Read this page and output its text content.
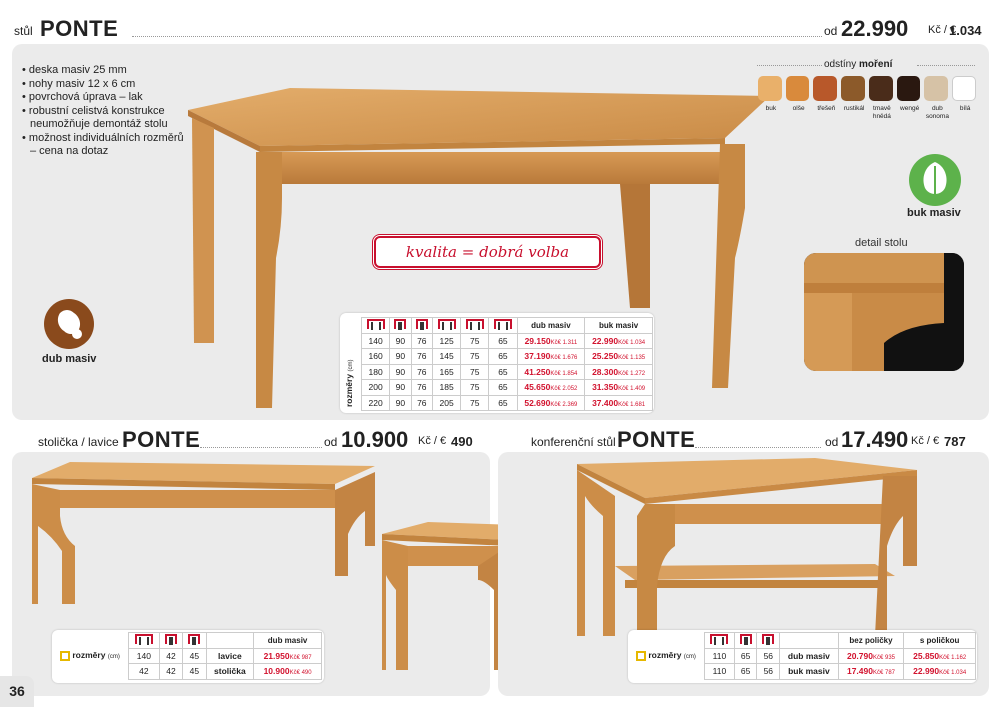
stůl PONTE	od 22.990 Kč / €
1.034
• deska masiv 25 mm
• nohy masiv 12 x 6 cm
• povrchová úprava – lak
• robustní celistvá konstrukce neumožňuje demontáž stolu
• možnost individuálních rozměrů – cena na dotaz
kvalita = dobrá volba
odstíny moření
buk	olše	třešeň	rustikál	tmavě hnědá
wengé	dub sonoma
bílá
buk masiv
detail stolu
dub masiv
rozměry (cm)
						dub masiv	buk masiv
140	90	76	125	75	65	29.150Kč€ 1.311	22.990Kč€ 1.034
160	90	76	145	75	65	37.190Kč€ 1.676	25.250Kč€ 1.135
180	90	76	165	75	65	41.250Kč€ 1.854	28.300Kč€ 1.272
200	90	76	185	75	65	45.650Kč€ 2.052	31.350Kč€ 1.409
220	90	76	205	75	65	52.690Kč€ 2.369	37.400Kč€ 1.681
stolička / lavice PONTE	od 10.900 Kč / € 490
rozměry (cm)
				dub masiv
140	42	45	lavice	21.950Kč€ 987
42	42	45	stolička	10.900Kč€ 490
konferenční stůl PONTE	od 17.490 Kč / € 787
rozměry (cm)
				bez poličky	s poličkou
110	65	56	dub masiv	20.790Kč€ 935	25.850Kč€ 1.162
110	65	56	buk masiv	17.490Kč€ 787	22.990Kč€ 1.034
36
